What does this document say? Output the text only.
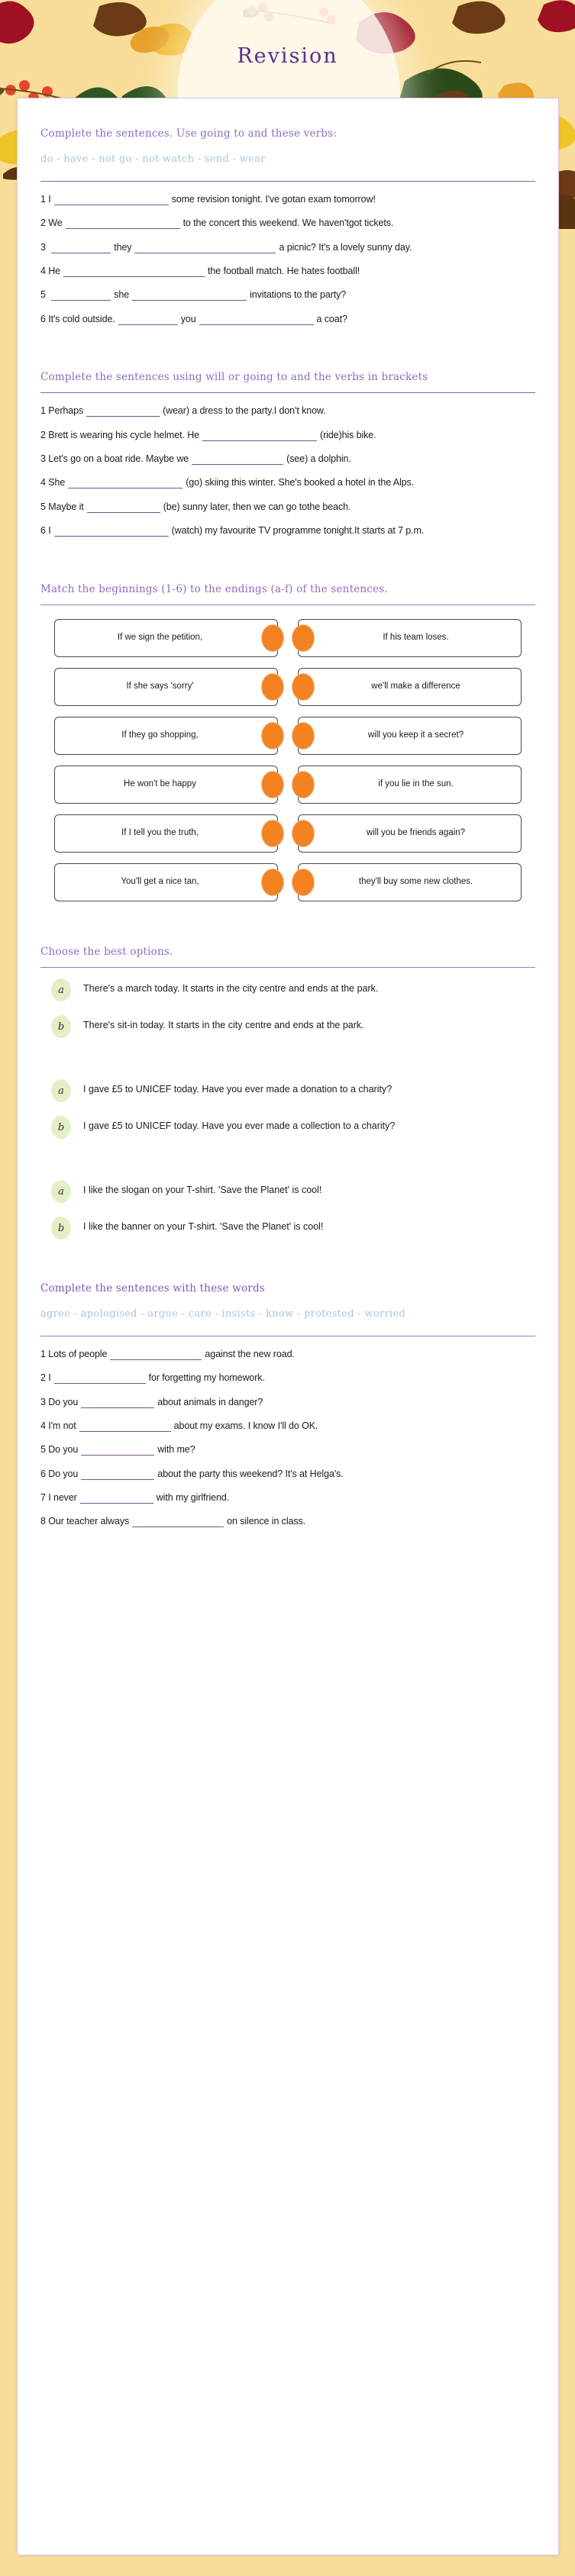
Revision

Complete the sentences. Use going to and these verbs:

do - have - not go - not watch - send - wear

1 I	some revision tonight. I've gotan exam tomorrow!

2 We	to the concert this weekend. We haven'tgot tickets.

3	they	a picnic? It's a lovely sunny day.

4 He	the football match. He hates football!

5	she	invitations to the party?

6 It's cold outside.	you	a coat?

Complete the sentences using will or going to and the verbs in brackets

1 Perhaps	(wear) a dress to the party.I don't know.

2 Brett is wearing his cycle helmet. He	(ride)his bike.

3 Let's go on a boat ride. Maybe we	(see) a dolphin.

4 She	(go) skiing this winter. She's booked a hotel in the Alps.

5 Maybe it	(be) sunny later, then we can go tothe beach.

6 I	(watch) my favourite TV programme tonight.It starts at 7 p.m.

Match the beginnings (1-6) to the endings (a-f) of the sentences.

If we sign the petition,	If his team loses.
If she says 'sorry'	we'll make a difference
If they go shopping,	will you keep it a secret?
He won't be happy	if you lie in the sun.
If I tell you the truth,	will you be friends again?
You'll get a nice tan,	they'll buy some new clothes.

Choose the best options.

a	There's a march today. It starts in the city centre and ends at the park.
b	There's sit-in today. It starts in the city centre and ends at the park.
a	I gave £5 to UNICEF today. Have you ever made a donation to a charity?
b	I gave £5 to UNICEF today. Have you ever made a collection to a charity?
a	I like the slogan on your T-shirt. 'Save the Planet' is cool!
b	I like the banner on your T-shirt. 'Save the Planet' is cool!

Complete the sentences with these words

agree - apologised - argue - care - insists - know - protested - worried

1 Lots of people	against the new road.

2 I	for forgetting my homework.

3 Do you	about animals in danger?

4 I'm not	about my exams. I know I'll do OK.

5 Do you	with me?

6 Do you	about the party this weekend? It's at Helga's.

7 I never	with my girlfriend.

8 Our teacher always	on silence in class.
